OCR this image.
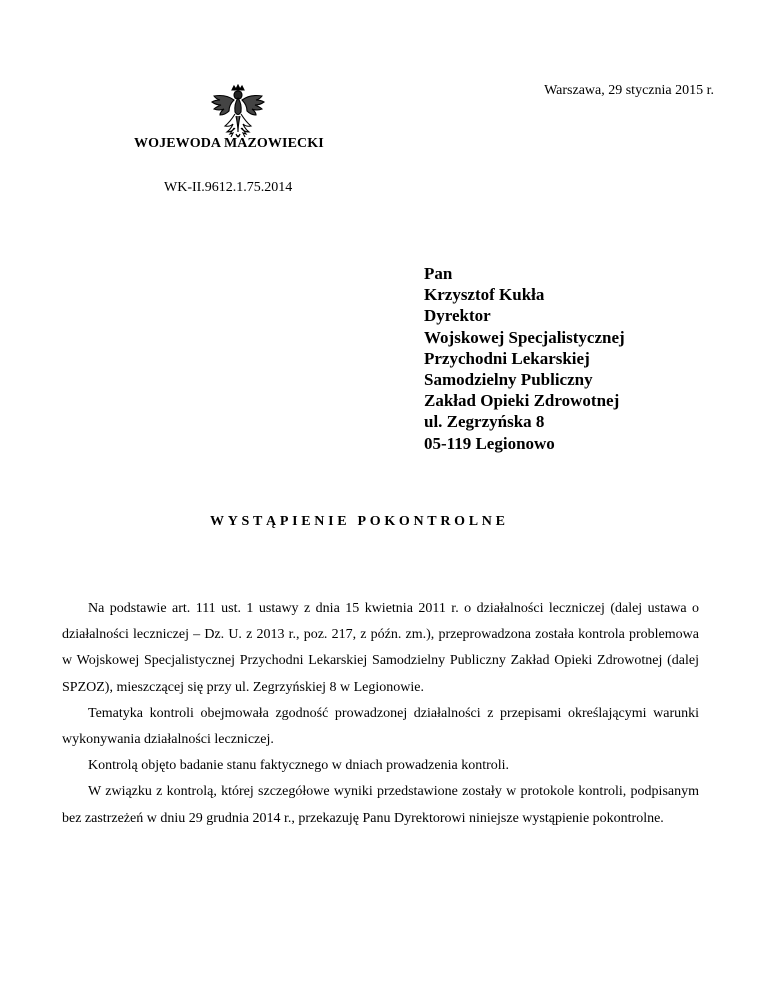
Warszawa, 29 stycznia 2015 r.
WOJEWODA MAZOWIECKI
WK-II.9612.1.75.2014
Pan
Krzysztof Kukła
Dyrektor
Wojskowej Specjalistycznej
Przychodni Lekarskiej
Samodzielny Publiczny
Zakład Opieki Zdrowotnej
ul. Zegrzyńska 8
05-119 Legionowo
WYSTĄPIENIE POKONTROLNE

Na podstawie art. 111 ust. 1 ustawy z dnia 15 kwietnia 2011 r. o działalności leczniczej (dalej ustawa o działalności leczniczej – Dz. U. z 2013 r., poz. 217, z późn. zm.), przeprowadzona została kontrola problemowa w Wojskowej Specjalistycznej Przychodni Lekarskiej Samodzielny Publiczny Zakład Opieki Zdrowotnej (dalej SPZOZ), mieszczącej się przy ul. Zegrzyńskiej 8 w Legionowie.

Tematyka kontroli obejmowała zgodność prowadzonej działalności z przepisami określającymi warunki wykonywania działalności leczniczej.

Kontrolą objęto badanie stanu faktycznego w dniach prowadzenia kontroli.

W związku z kontrolą, której szczegółowe wyniki przedstawione zostały w protokole kontroli, podpisanym bez zastrzeżeń w dniu 29 grudnia 2014 r., przekazuję Panu Dyrektorowi niniejsze wystąpienie pokontrolne.
